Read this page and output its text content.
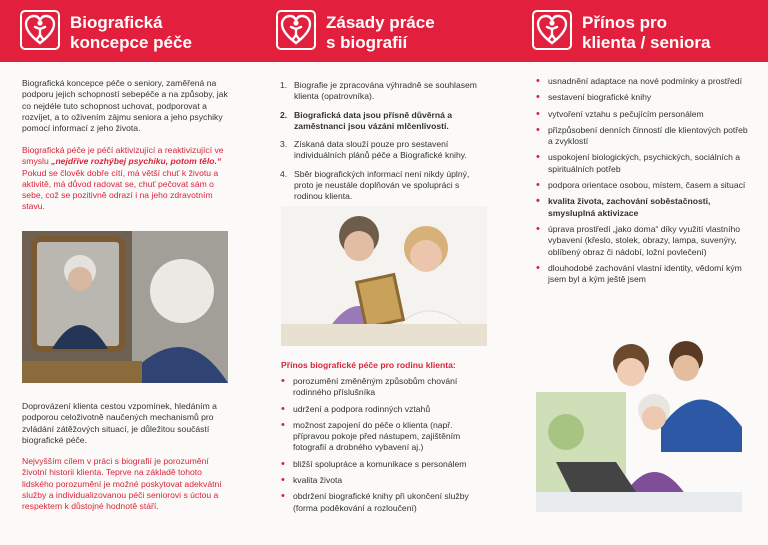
Biografická
koncepce péče
Biografická koncepce péče o seniory, zaměřená na podporu jejich schopností sebepéče a na způsoby, jak co nejdéle tuto schopnost uchovat, podporovat a rozvíjet, a to oživením zájmu seniora a jeho psychiky pomocí informací z jeho života.
Biografická péče je péčí aktivizující a reaktivizující ve smyslu „nejdříve rozhýbej psychiku, potom tělo.“ Pokud se člověk dobře cítí, má větší chuť k životu a aktivitě, má důvod radovat se, chuť pečovat sám o sebe, což se pozitivně odrazí i na jeho zdravotním stavu.
Doprovázení klienta cestou vzpomínek, hledáním a podporou celoživotně naučených mechanismů pro zvládání zátěžových situací, je důležitou součástí biografické péče.
Nejvyšším cílem v práci s biografií je porozumění životní historii klienta. Teprve na základě tohoto lidského porozumění je možné poskytovat adekvátní služby a individualizovanou péči seniorovi s úctou a respektem k důstojné hodnotě stáří.
Zásady práce
s biografií
1. Biografie je zpracována výhradně se souhlasem klienta (opatrovníka).
2. Biografická data jsou přísně důvěrná a zaměstnanci jsou vázáni mlčenlivostí.
3. Získaná data slouží pouze pro sestavení individuálních plánů péče a Biografické knihy.
4. Sběr biografických informací není nikdy úplný, proto je neustále doplňován ve spolupráci s rodinou klienta.
Přínos biografické péče pro rodinu klienta:
• porozumění změněným způsobům chování rodinného příslušníka
• udržení a podpora rodinných vztahů
• možnost zapojení do péče o klienta (např. přípravou pokoje před nástupem, zajištěním fotografií a drobného vybavení aj.)
• bližší spolupráce a komunikace s personálem
• kvalita života
• obdržení biografické knihy při ukončení služby (forma poděkování a rozloučení)
Přínos pro
klienta / seniora
• usnadnění adaptace na nové podmínky a prostředí
• sestavení biografické knihy
• vytvoření vztahu s pečujícím personálem
• přizpůsobení denních činností dle klientových potřeb a zvyklostí
• uspokojení biologických, psychických, sociálních a spirituálních potřeb
• podpora orientace osobou, místem, časem a situací
• kvalita života, zachování soběstačnosti, smysluplná aktivizace
• úprava prostředí „jako doma“ díky využití vlastního vybavení (křeslo, stolek, obrazy, lampa, suvenýry, oblíbený obraz či nádobí, ložní povlečení)
• dlouhodobé zachování vlastní identity, vědomí kým jsem byl a kým ještě jsem
